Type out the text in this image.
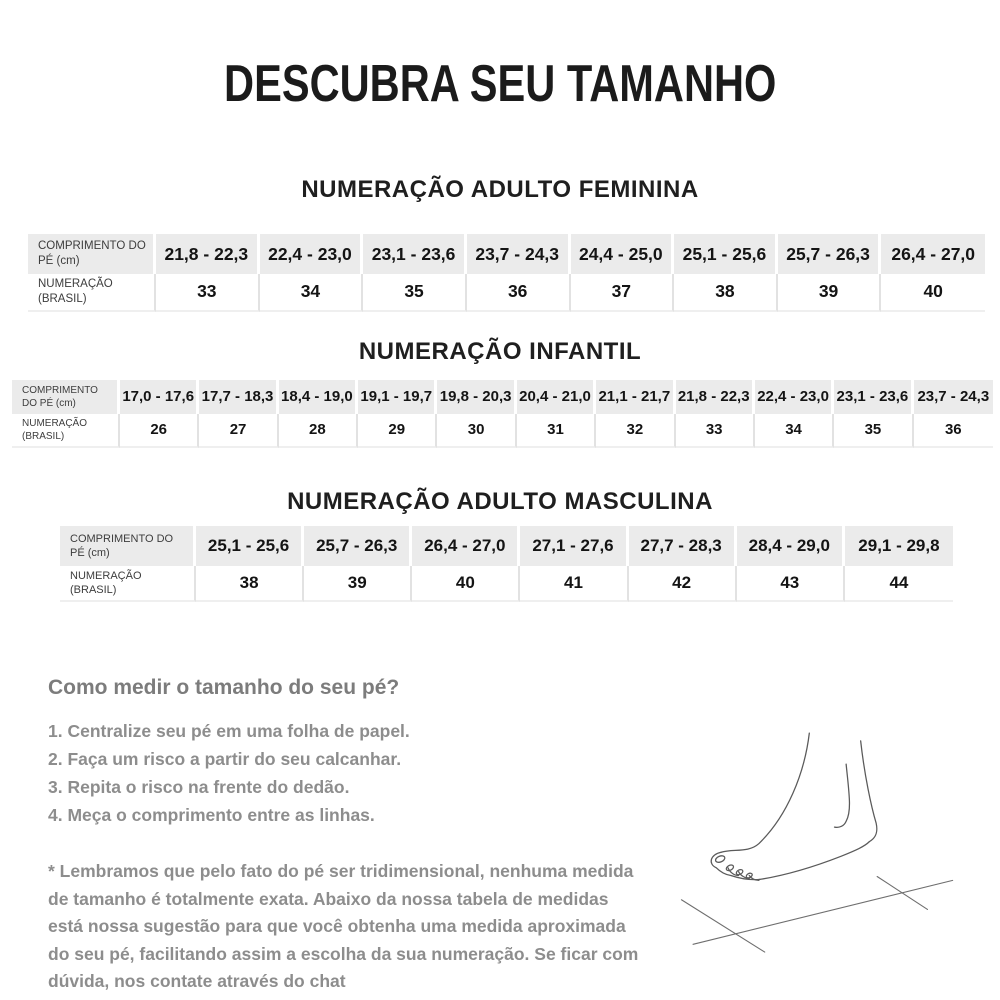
DESCUBRA SEU TAMANHO
NUMERAÇÃO ADULTO FEMININA
COMPRIMENTO DO PÉ (cm)	21,8 - 22,3	22,4 - 23,0	23,1 - 23,6	23,7 - 24,3	24,4 - 25,0	25,1 - 25,6	25,7 - 26,3	26,4 - 27,0
NUMERAÇÃO (BRASIL)	33	34	35	36	37	38	39	40
NUMERAÇÃO INFANTIL
COMPRIMENTO DO PÉ (cm)	17,0 - 17,6	17,7 - 18,3	18,4 - 19,0	19,1 - 19,7	19,8 - 20,3	20,4 - 21,0	21,1 - 21,7	21,8 - 22,3	22,4 - 23,0	23,1 - 23,6	23,7 - 24,3
NUMERAÇÃO (BRASIL)	26	27	28	29	30	31	32	33	34	35	36
NUMERAÇÃO ADULTO MASCULINA
COMPRIMENTO DO PÉ (cm)	25,1 - 25,6	25,7 - 26,3	26,4 - 27,0	27,1 - 27,6	27,7 - 28,3	28,4 - 29,0	29,1 - 29,8
NUMERAÇÃO (BRASIL)	38	39	40	41	42	43	44
Como medir o tamanho do seu pé?

1. Centralize seu pé em uma folha de papel.

2. Faça um risco a partir do seu calcanhar.

3. Repita o risco na frente do dedão.

4. Meça o comprimento entre as linhas.

* Lembramos que pelo fato do pé ser tridimensional, nenhuma medida de tamanho é totalmente exata. Abaixo da nossa tabela de medidas está nossa sugestão para que você obtenha uma medida aproximada do seu pé, facilitando assim a escolha da sua numeração. Se ficar com dúvida, nos contate através do chat
